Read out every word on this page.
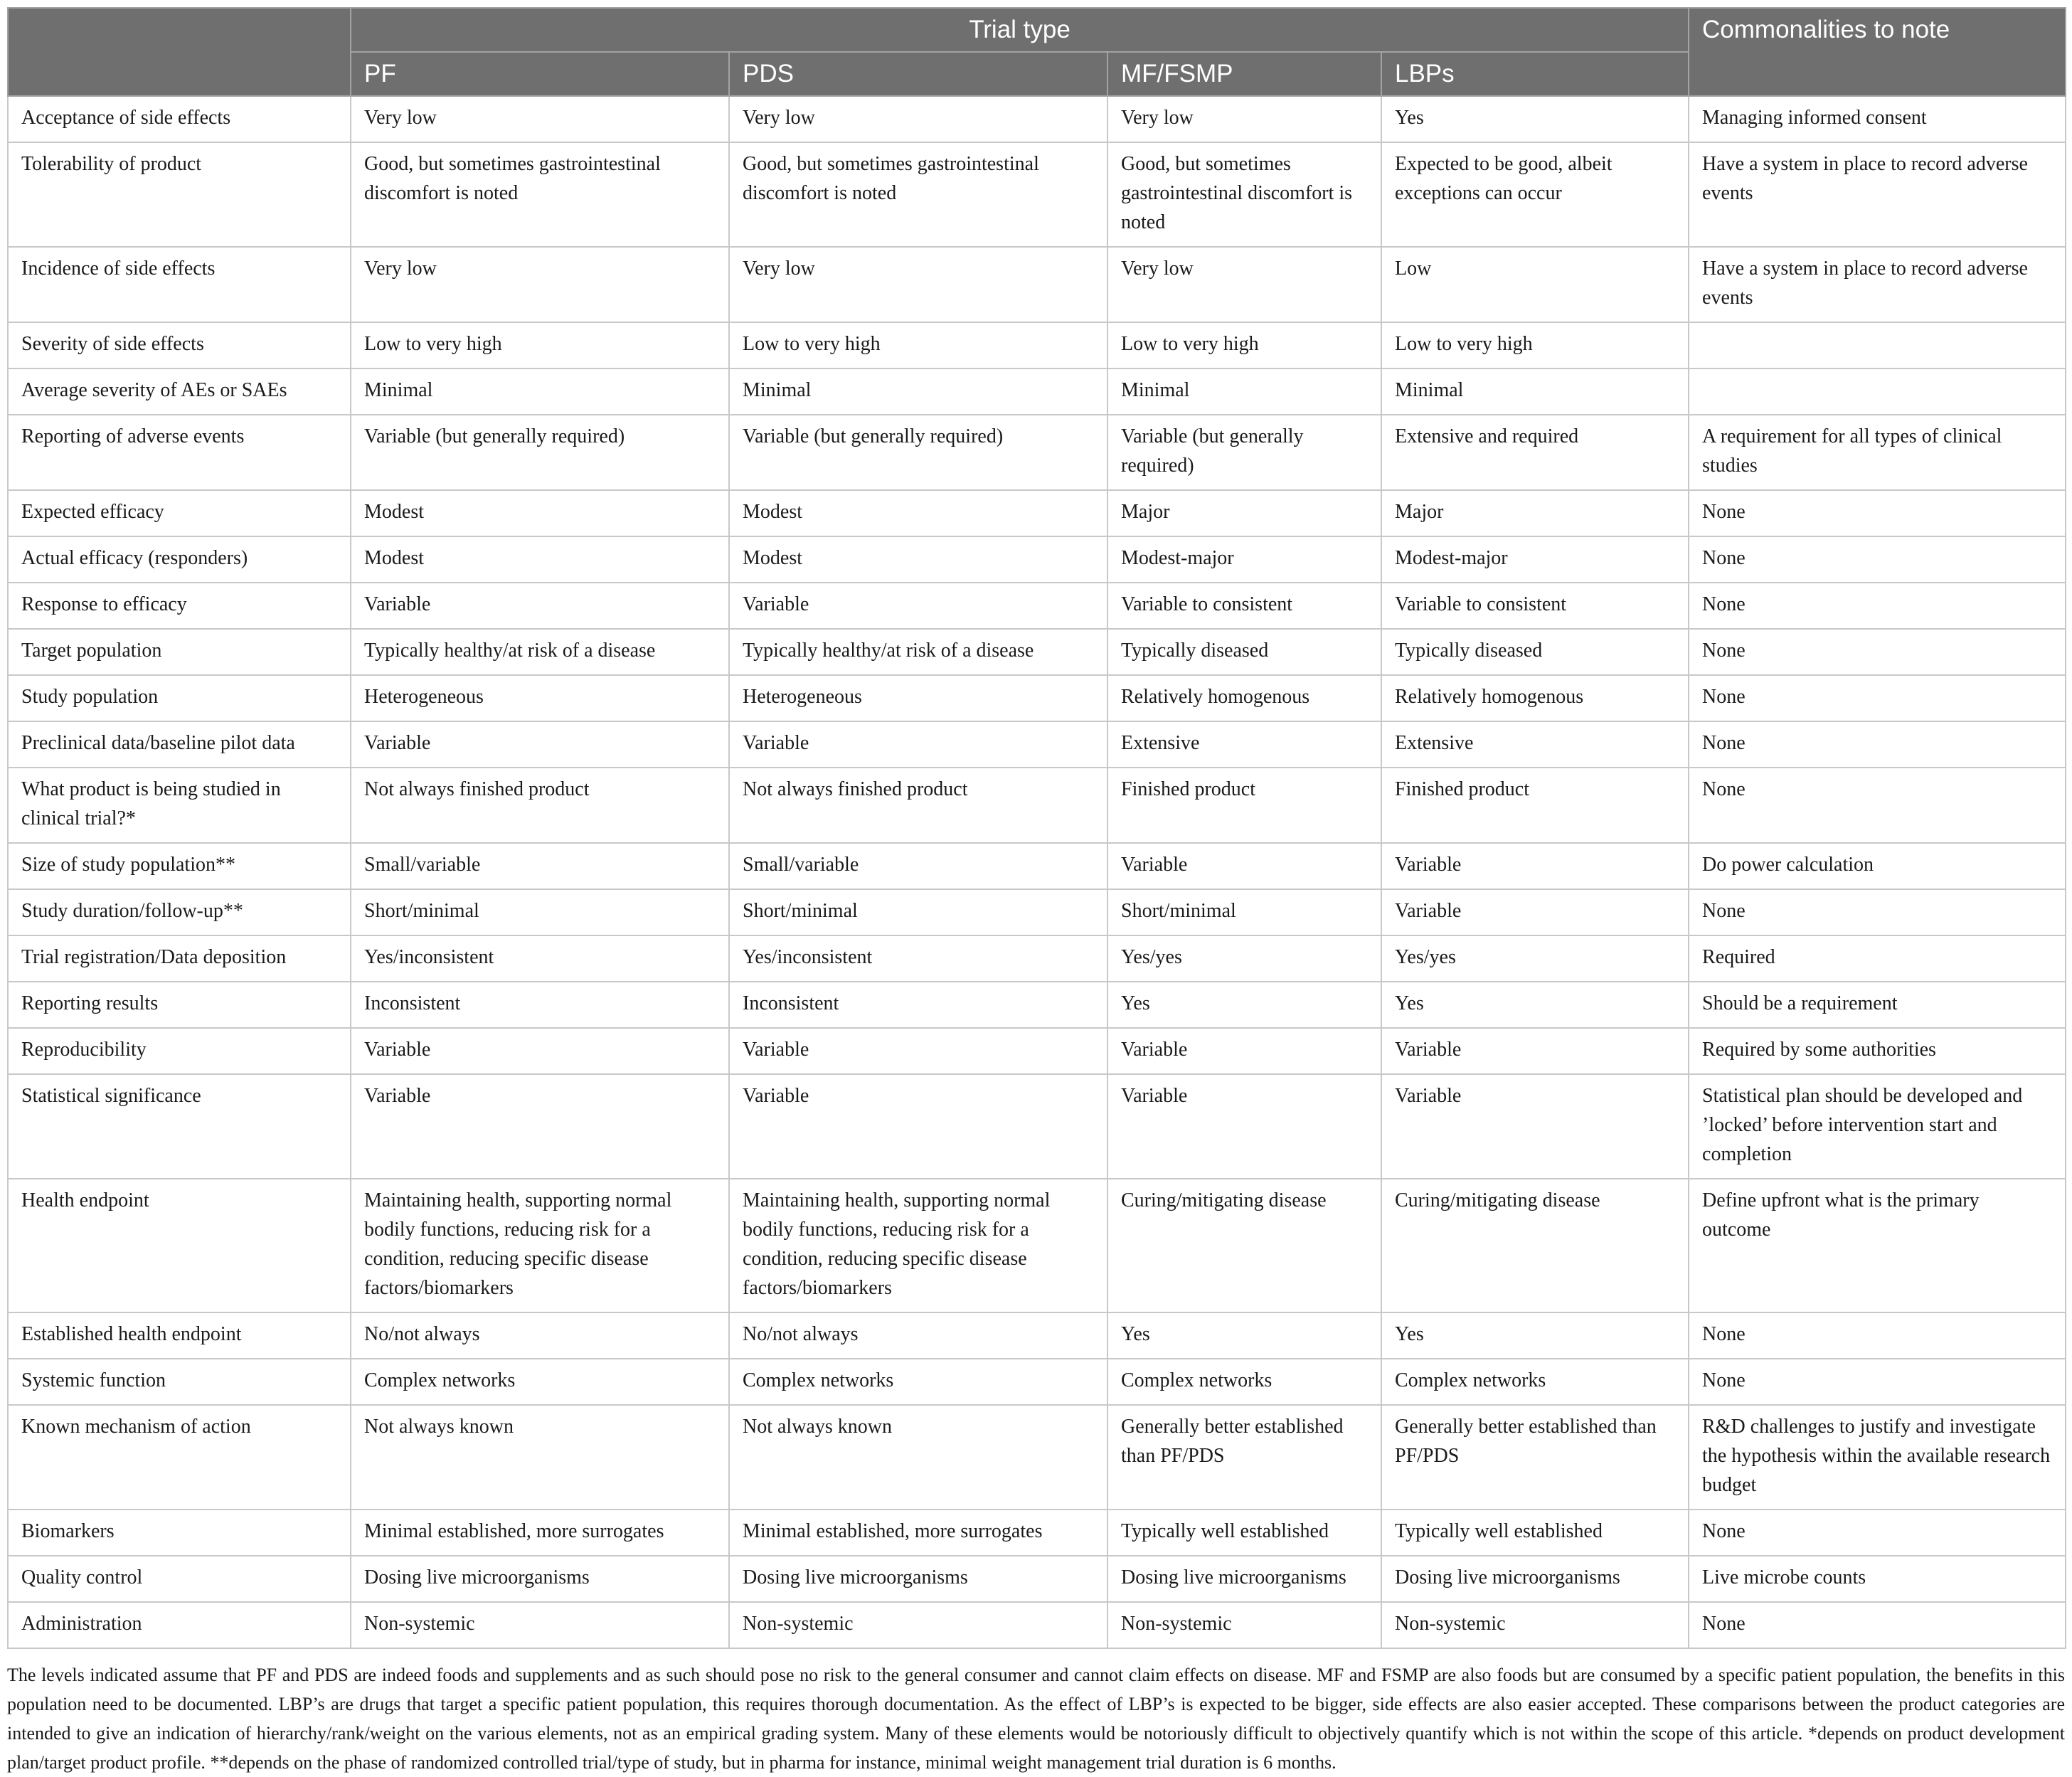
	Trial type				Commonalities to note
	PF	PDS	MF/FSMP	LBPs	
Acceptance of side effects	Very low	Very low	Very low	Yes	Managing informed consent
Tolerability of product	Good, but sometimes gastrointestinal discomfort is noted	Good, but sometimes gastrointestinal discomfort is noted	Good, but sometimes gastrointestinal discomfort is noted	Expected to be good, albeit exceptions can occur	Have a system in place to record adverse events
Incidence of side effects	Very low	Very low	Very low	Low	Have a system in place to record adverse events
Severity of side effects	Low to very high	Low to very high	Low to very high	Low to very high	
Average severity of AEs or SAEs	Minimal	Minimal	Minimal	Minimal	
Reporting of adverse events	Variable (but generally required)	Variable (but generally required)	Variable (but generally required)	Extensive and required	A requirement for all types of clinical studies
Expected efficacy	Modest	Modest	Major	Major	None
Actual efficacy (responders)	Modest	Modest	Modest-major	Modest-major	None
Response to efficacy	Variable	Variable	Variable to consistent	Variable to consistent	None
Target population	Typically healthy/at risk of a disease	Typically healthy/at risk of a disease	Typically diseased	Typically diseased	None
Study population	Heterogeneous	Heterogeneous	Relatively homogenous	Relatively homogenous	None
Preclinical data/baseline pilot data	Variable	Variable	Extensive	Extensive	None
What product is being studied in clinical trial?*	Not always finished product	Not always finished product	Finished product	Finished product	None
Size of study population**	Small/variable	Small/variable	Variable	Variable	Do power calculation
Study duration/follow-up**	Short/minimal	Short/minimal	Short/minimal	Variable	None
Trial registration/Data deposition	Yes/inconsistent	Yes/inconsistent	Yes/yes	Yes/yes	Required
Reporting results	Inconsistent	Inconsistent	Yes	Yes	Should be a requirement
Reproducibility	Variable	Variable	Variable	Variable	Required by some authorities
Statistical significance	Variable	Variable	Variable	Variable	Statistical plan should be developed and ’locked’ before intervention start and completion
Health endpoint	Maintaining health, supporting normal bodily functions, reducing risk for a condition, reducing specific disease factors/biomarkers	Maintaining health, supporting normal bodily functions, reducing risk for a condition, reducing specific disease factors/biomarkers	Curing/mitigating disease	Curing/mitigating disease	Define upfront what is the primary outcome
Established health endpoint	No/not always	No/not always	Yes	Yes	None
Systemic function	Complex networks	Complex networks	Complex networks	Complex networks	None
Known mechanism of action	Not always known	Not always known	Generally better established than PF/PDS	Generally better established than PF/PDS	R&D challenges to justify and investigate the hypothesis within the available research budget
Biomarkers	Minimal established, more surrogates	Minimal established, more surrogates	Typically well established	Typically well established	None
Quality control	Dosing live microorganisms	Dosing live microorganisms	Dosing live microorganisms	Dosing live microorganisms	Live microbe counts
Administration	Non-systemic	Non-systemic	Non-systemic	Non-systemic	None
The levels indicated assume that PF and PDS are indeed foods and supplements and as such should pose no risk to the general consumer and cannot claim effects on disease. MF and FSMP are also foods but are consumed by a specific patient population, the benefits in this population need to be documented. LBP’s are drugs that target a specific patient population, this requires thorough documentation. As the effect of LBP’s is expected to be bigger, side effects are also easier accepted. These comparisons between the product categories are intended to give an indication of hierarchy/rank/weight on the various elements, not as an empirical grading system. Many of these elements would be notoriously difficult to objectively quantify which is not within the scope of this article. *depends on product development plan/target product profile. **depends on the phase of randomized controlled trial/type of study, but in pharma for instance, minimal weight management trial duration is 6 months.
